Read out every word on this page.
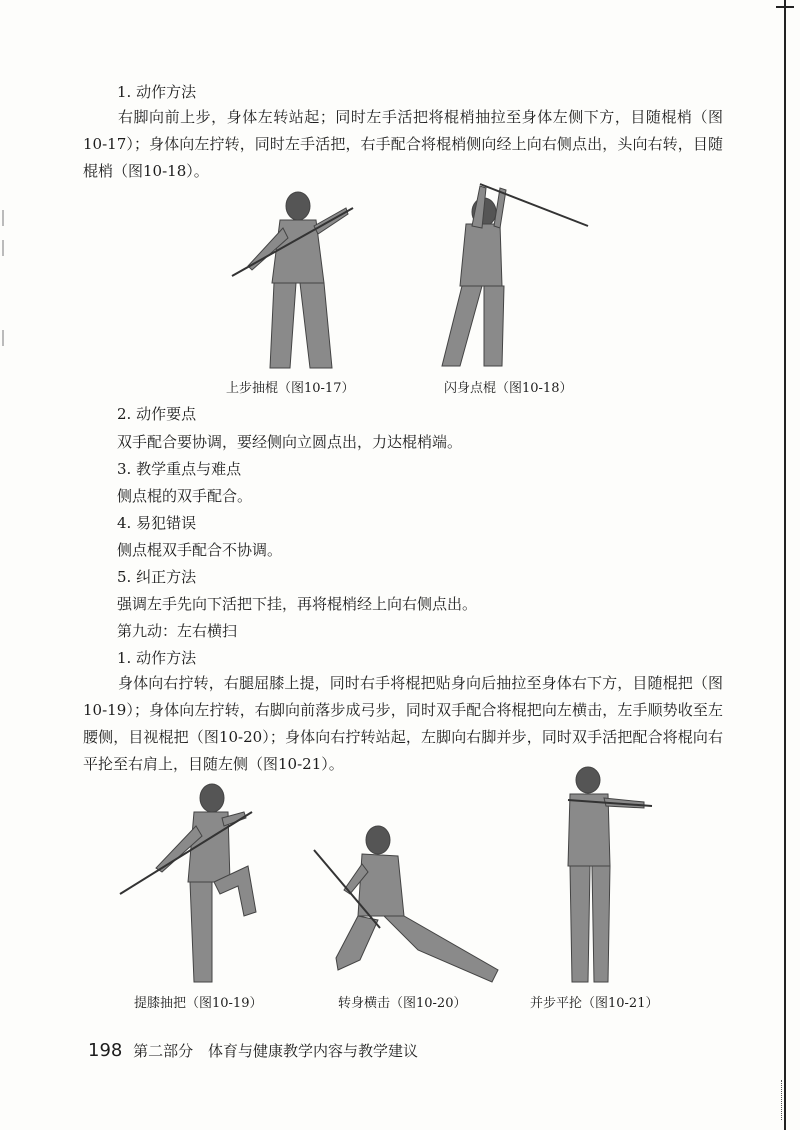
1. 动作方法
右脚向前上步，身体左转站起；同时左手活把将棍梢抽拉至身体左侧下方，目随棍梢（图10-17）；身体向左拧转，同时左手活把，右手配合将棍梢侧向经上向右侧点出，头向右转，目随棍梢（图10-18）。
上步抽棍（图10-17）	闪身点棍（图10-18）
2. 动作要点
双手配合要协调，要经侧向立圆点出，力达棍梢端。
3. 教学重点与难点
侧点棍的双手配合。
4. 易犯错误
侧点棍双手配合不协调。
5. 纠正方法
强调左手先向下活把下挂，再将棍梢经上向右侧点出。
第九动：左右横扫
1. 动作方法
身体向右拧转，右腿屈膝上提，同时右手将棍把贴身向后抽拉至身体右下方，目随棍把（图10-19）；身体向左拧转，右脚向前落步成弓步，同时双手配合将棍把向左横击，左手顺势收至左腰侧，目视棍把（图10-20）；身体向右拧转站起，左脚向右脚并步，同时双手活把配合将棍向右平抡至右肩上，目随左侧（图10-21）。
提膝抽把（图10-19）	转身横击（图10-20）	并步平抡（图10-21）
198 第二部分 体育与健康教学内容与教学建议
